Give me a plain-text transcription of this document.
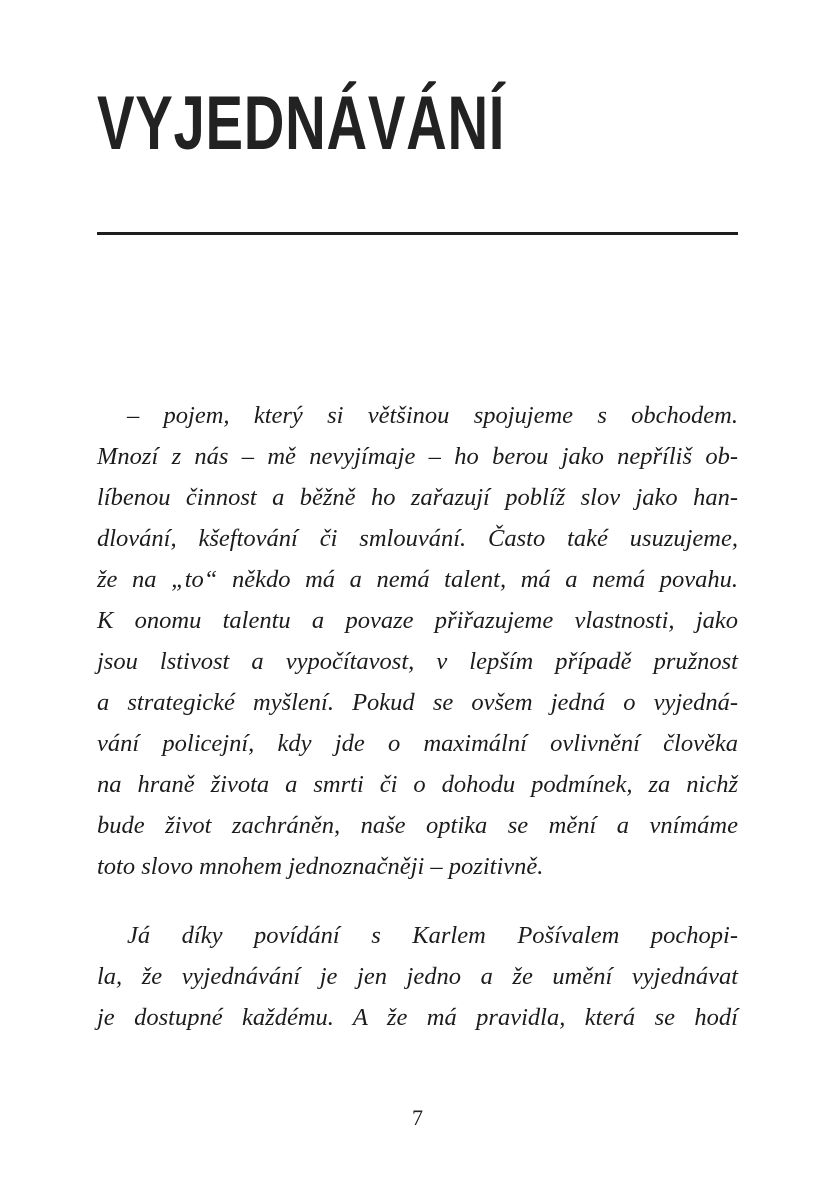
VYJEDNÁVÁNÍ
– pojem, který si většinou spojujeme s obchodem.
Mnozí z nás – mě nevyjímaje – ho berou jako nepříliš ob-
líbenou činnost a běžně ho zařazují poblíž slov jako han-
dlování, kšeftování či smlouvání. Často také usuzujeme,
že na „to“ někdo má a nemá talent, má a nemá povahu.
K onomu talentu a povaze přiřazujeme vlastnosti, jako
jsou lstivost a vypočítavost, v lepším případě pružnost
a strategické myšlení. Pokud se ovšem jedná o vyjedná-
vání policejní, kdy jde o maximální ovlivnění člověka
na hraně života a smrti či o dohodu podmínek, za nichž
bude život zachráněn, naše optika se mění a vnímáme
toto slovo mnohem jednoznačněji – pozitivně.
Já díky povídání s Karlem Pošívalem pochopi-
la, že vyjednávání je jen jedno a že umění vyjednávat
je dostupné každému. A že má pravidla, která se hodí
7
